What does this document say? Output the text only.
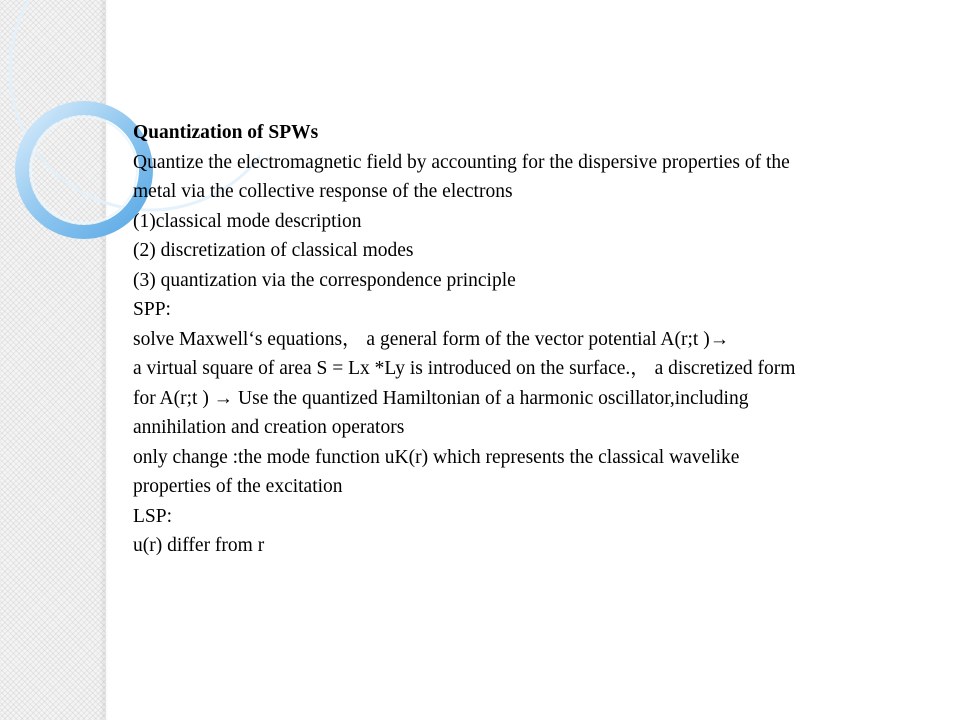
Quantization of SPWs
Quantize the electromagnetic field by accounting for the dispersive properties of the
metal via the collective response of the electrons
(1)classical mode description
(2) discretization of classical modes
(3) quantization via the correspondence principle
SPP:
solve Maxwell‘s equations， a general form of the vector potential A(r;t )→
a virtual square of area S = Lx *Ly is introduced on the surface.， a discretized form
for A(r;t ) → Use the quantized Hamiltonian of a harmonic oscillator,including
annihilation and creation operators
only change :the mode function uK(r) which represents the classical wavelike
properties of the excitation
LSP:
u(r) differ from r
